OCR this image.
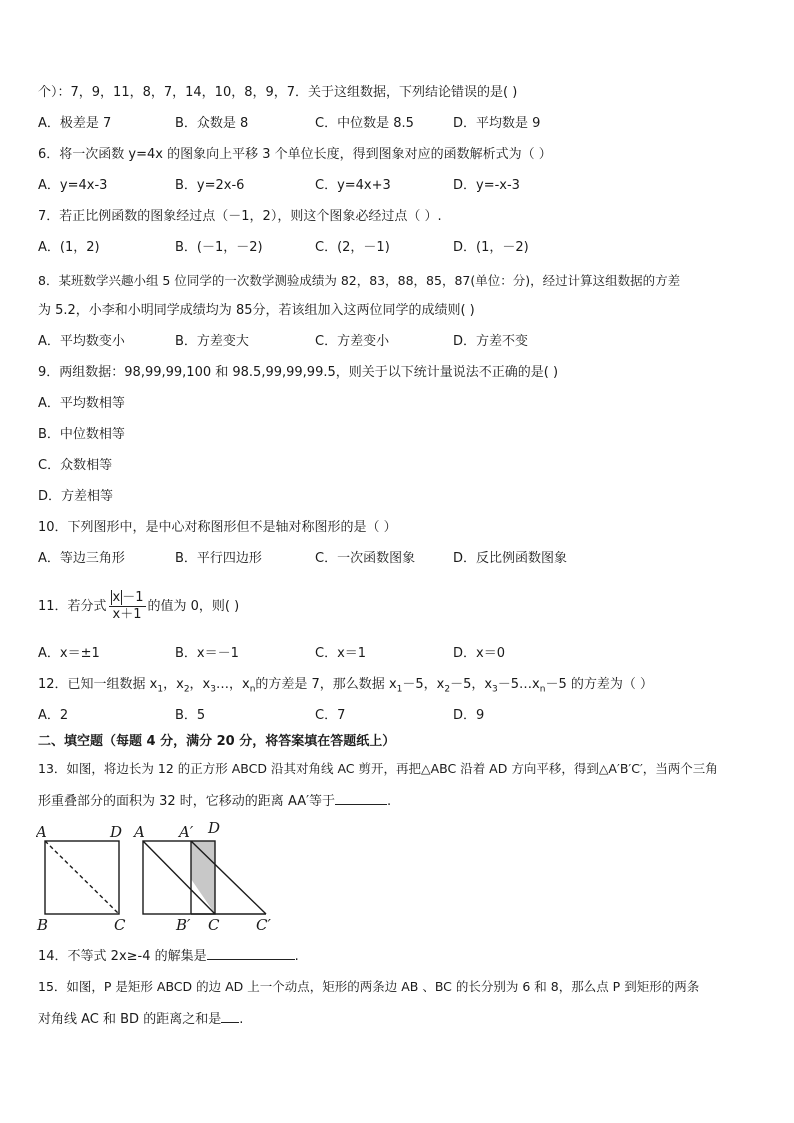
个）：7，9，11，8，7，14，10，8，9，7．关于这组数据，下列结论错误的是( )
A．极差是 7	B．众数是 8	C．中位数是 8.5	D．平均数是 9
6．将一次函数 y=4x 的图象向上平移 3 个单位长度，得到图象对应的函数解析式为（ ）
A．y=4x-3	B．y=2x-6	C．y=4x+3	D．y=-x-3
7．若正比例函数的图象经过点（－1，2），则这个图象必经过点（ ）.
A．(1，2)	B．(－1，－2)	C．(2，－1)	D．(1，－2)
8．某班数学兴趣小组 5 位同学的一次数学测验成绩为 82，83，88，85，87(单位：分)，经过计算这组数据的方差
为 5.2，小李和小明同学成绩均为 85分，若该组加入这两位同学的成绩则( )
A．平均数变小	B．方差变大	C．方差变小	D．方差不变
9．两组数据：98,99,99,100 和 98.5,99,99,99.5，则关于以下统计量说法不正确的是( )
A．平均数相等
B．中位数相等
C．众数相等
D．方差相等
10．下列图形中，是中心对称图形但不是轴对称图形的是（ ）
A．等边三角形	B．平行四边形	C．一次函数图象	D．反比例函数图象
11．若分式 $\frac{x -1}{x+1}$ 的值为 0，则( )
A．x＝±1	B．x＝－1	C．x＝1	D．x＝0
12．已知一组数据 $x_1$，$x_2$，$x_3\dots$，$x_n$的方差是 7，那么数据 $x_1-5$，$x_2-5$，$x_3-5\dots x_n-5$ 的方差为（ ）
A．2	B．5	C．7	D．9
二、填空题（每题 4 分，满分 20 分，将答案填在答题纸上）
13．如图，将边长为 12 的正方形 ABCD 沿其对角线 AC 剪开，再把△ABC 沿着 AD 方向平移，得到△A′B′C′，当两个三角
形重叠部分的面积为 32 时，它移动的距离 AA′等于	.
A	D
B	C
A A′ D
B′ C C′
14．不等式 2x≥-4 的解集是	.
15．如图，P 是矩形 ABCD 的边 AD 上一个动点，矩形的两条边 AB 、BC 的长分别为 6 和 8，那么点 P 到矩形的两条
对角线 AC 和 BD 的距离之和是 .
